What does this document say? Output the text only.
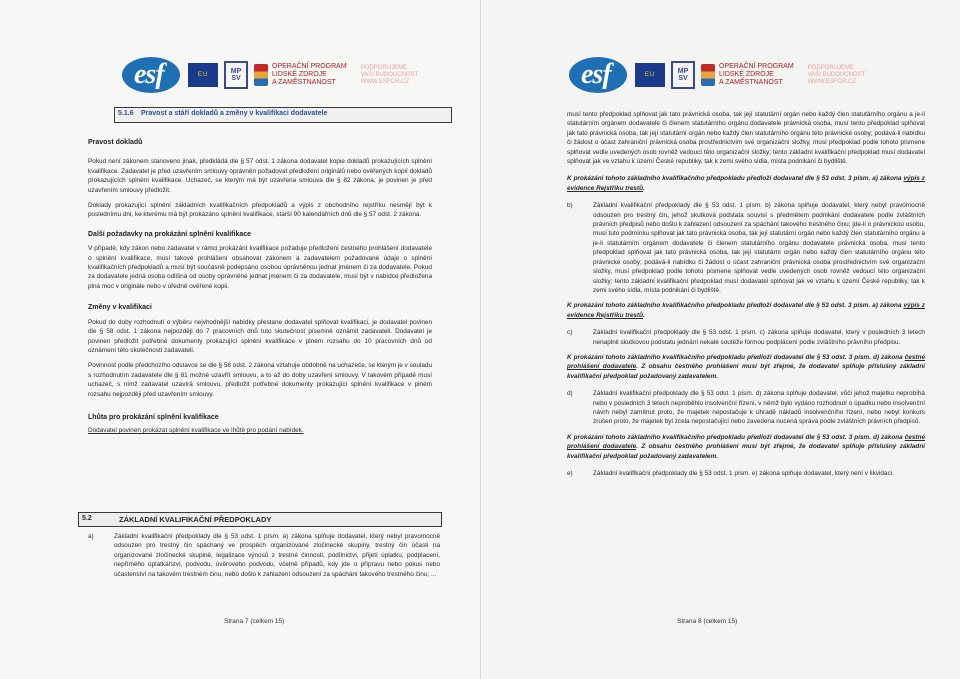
esf	EU	MP SV
OPERAČNÍ PROGRAM
LIDSKÉ ZDROJE
A ZAMĚSTNANOST
PODPORUJEME
VAŠI BUDOUCNOST
WWW.ESFCR.CZ
5.1.6 Pravost a stáří dokladů a změny v kvalifikaci dodavatele

Pravost dokladů

Pokud není zákonem stanoveno jinak, předkládá dle § 57 odst. 1 zákona dodavatel kopie dokladů prokazujících splnění kvalifikace. Zadavatel je před uzavřením smlouvy oprávněn požadovat předložení originálů nebo ověřených kopií dokladů prokazujících splnění kvalifikace. Uchazeč, se kterým má být uzavřena smlouva dle § 82 zákona, je povinen je před uzavřením smlouvy předložit.

Doklady prokazující splnění základních kvalifikačních předpokladů a výpis z obchodního rejstříku nesmějí být k poslednímu dni, ke kterému má být prokázáno splnění kvalifikace, starší 90 kalendářních dnů dle § 57 odst. 2 zákona.

Další požadavky na prokázání splnění kvalifikace

V případě, kdy zákon nebo zadavatel v rámci prokázání kvalifikace požaduje předložení čestného prohlášení dodavatele o splnění kvalifikace, musí takové prohlášení obsahovat zákonem a zadavatelem požadované údaje o splnění kvalifikačních předpokladů a musí být současně podepsáno osobou oprávněnou jednat jménem či za dodavatele. Pokud za dodavatele jedná osoba odlišná od osoby oprávněné jednat jménem či za dodavatele, musí být v nabídce předložena plná moc v originále nebo v úředně ověřené kopii.

Změny v kvalifikaci

Pokud do doby rozhodnutí o výběru nejvhodnější nabídky přestane dodavatel splňovat kvalifikaci, je dodavatel povinen dle § 58 odst. 1 zákona nejpozději do 7 pracovních dnů tuto skutečnost písemně oznámit zadavateli. Dodavatel je povinen předložit potřebné dokumenty prokazující splnění kvalifikace v plném rozsahu do 10 pracovních dnů od oznámení této skutečnosti zadavateli.

Povinnost podle předchozího odstavce se dle § 58 odst. 2 zákona vztahuje obdobně na uchazeče, se kterým je v souladu s rozhodnutím zadavatele dle § 81 možné uzavřít smlouvu, a to až do doby uzavření smlouvy. V takovém případě musí uchazeč, s nímž zadavatel uzavírá smlouvu, předložit potřebné dokumenty prokazující splnění kvalifikace v plném rozsahu nejpozději před uzavřením smlouvy.

Lhůta pro prokázání splnění kvalifikace

Dodavatel povinen prokázat splnění kvalifikace ve lhůtě pro podání nabídek.

5.2	ZÁKLADNÍ KVALIFIKAČNÍ PŘEDPOKLADY
a)	Základní kvalifikační předpoklady dle § 53 odst. 1 písm. a) zákona splňuje dodavatel, který nebyl pravomocně odsouzen pro trestný čin spáchaný ve prospěch organizované zločinecké skupiny, trestný čin účasti na organizované zločinecké skupině, legalizace výnosů z trestné činnosti, podílnictví, přijetí úplatku, podplacení, nepřímého úplatkářství, podvodu, úvěrového podvodu, včetně případů, kdy jde o přípravu nebo pokus nebo účastenství na takovém trestném činu, nebo došlo k zahlazení odsouzení za spáchání takového trestného činu; ...
Strana 7 (celkem 15)
esf	EU	MP SV
OPERAČNÍ PROGRAM
LIDSKÉ ZDROJE
A ZAMĚSTNANOST
PODPORUJEME
VAŠI BUDOUCNOST
WWW.ESFCR.CZ

musí tento předpoklad splňovat jak tato právnická osoba, tak její statutární orgán nebo každý člen statutárního orgánu a je-li statutárním orgánem dodavatele či členem statutárního orgánu dodavatele právnická osoba, musí tento předpoklad splňovat jak tato právnická osoba, tak její statutární orgán nebo každý člen statutárního orgánu této právnické osoby; podává-li nabídku či žádost o účast zahraniční právnická osoba prostřednictvím své organizační složky, musí předpoklad podle tohoto písmene splňovat vedle uvedených osob rovněž vedoucí této organizační složky; tento základní kvalifikační předpoklad musí dodavatel splňovat jak ve vztahu k území České republiky, tak k zemi svého sídla, místa podnikání či bydliště.

K prokázání tohoto základního kvalifikačního předpokladu předloží dodavatel dle § 53 odst. 3 písm. a) zákona výpis z evidence Rejstříku trestů.

b)	Základní kvalifikační předpoklady dle § 53 odst. 1 písm. b) zákona splňuje dodavatel, který nebyl pravomocně odsouzen pro trestný čin, jehož skutková podstata souvisí s předmětem podnikání dodavatele podle zvláštních právních předpisů nebo došlo k zahlazení odsouzení za spáchání takového trestného činu; jde-li o právnickou osobu, musí tuto podmínku splňovat jak tato právnická osoba, tak její statutární orgán nebo každý člen statutárního orgánu a je-li statutárním orgánem dodavatele či členem statutárního orgánu dodavatele právnická osoba, musí tento předpoklad splňovat jak tato právnická osoba, tak její statutární orgán nebo každý člen statutárního orgánu této právnické osoby; podává-li nabídku či žádost o účast zahraniční právnická osoba prostřednictvím své organizační složky, musí předpoklad podle tohoto písmene splňovat vedle uvedených osob rovněž vedoucí této organizační složky; tento základní kvalifikační předpoklad musí dodavatel splňovat jak ve vztahu k území České republiky, tak k zemi svého sídla, místa podnikání či bydliště.

K prokázání tohoto základního kvalifikačního předpokladu předloží dodavatel dle § 53 odst. 3 písm. a) zákona výpis z evidence Rejstříku trestů.

c)	Základní kvalifikační předpoklady dle § 53 odst. 1 písm. c) zákona splňuje dodavatel, který v posledních 3 letech nenaplnil skutkovou podstatu jednání nekalé soutěže formou podplácení podle zvláštního právního předpisu.

K prokázání tohoto základního kvalifikačního předpokladu předloží dodavatel dle § 53 odst. 3 písm. d) zákona čestné prohlášení dodavatele. Z obsahu čestného prohlášení musí být zřejmé, že dodavatel splňuje příslušný základní kvalifikační předpoklad požadovaný zadavatelem.

d)	Základní kvalifikační předpoklady dle § 53 odst. 1 písm. d) zákona splňuje dodavatel, vůči jehož majetku neprobíhá nebo v posledních 3 letech neproběhlo insolvenční řízení, v němž bylo vydáno rozhodnutí o úpadku nebo insolvenční návrh nebyl zamítnut proto, že majetek nepostačuje k úhradě nákladů insolvenčního řízení, nebo nebyl konkurs zrušen proto, že majetek byl zcela nepostačující nebo zavedena nucená správa podle zvláštních právních předpisů.

K prokázání tohoto základního kvalifikačního předpokladu předloží dodavatel dle § 53 odst. 3 písm. d) zákona čestné prohlášení dodavatele. Z obsahu čestného prohlášení musí být zřejmé, že dodavatel splňuje příslušný základní kvalifikační předpoklad požadovaný zadavatelem.

e)	Základní kvalifikační předpoklady dle § 53 odst. 1 písm. e) zákona splňuje dodavatel, který není v likvidaci.
Strana 8 (celkem 15)
